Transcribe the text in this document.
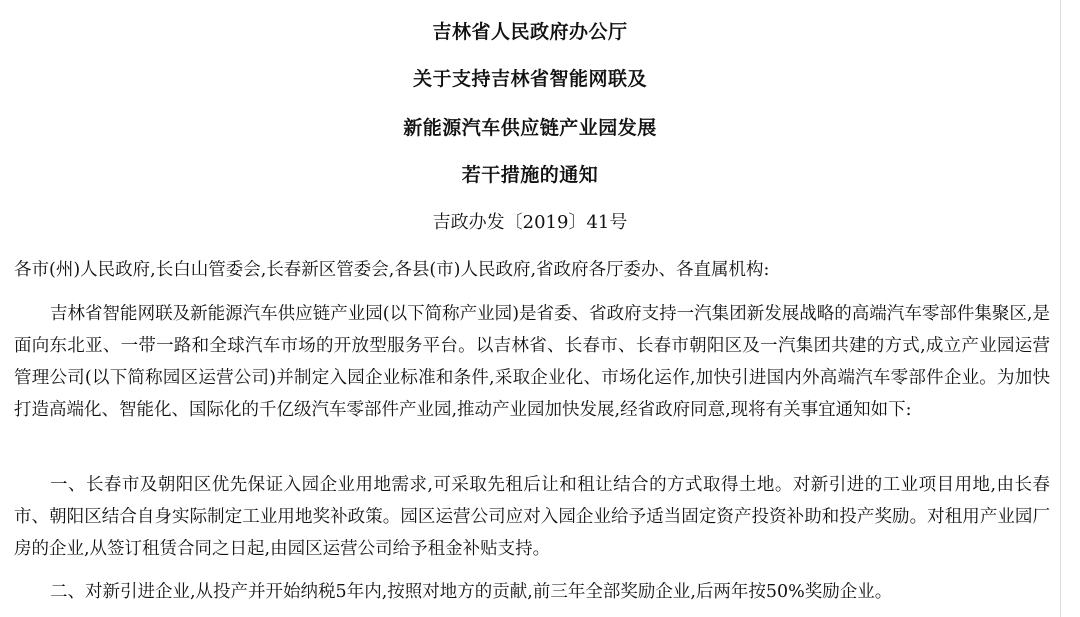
吉林省人民政府办公厅
关于支持吉林省智能网联及
新能源汽车供应链产业园发展
若干措施的通知
吉政办发〔2019〕41号
各市(州)人民政府,长白山管委会,长春新区管委会,各县(市)人民政府,省政府各厅委办、各直属机构:
吉林省智能网联及新能源汽车供应链产业园(以下简称产业园)是省委、省政府支持一汽集团新发展战略的高端汽车零部件集聚区,是面向东北亚、一带一路和全球汽车市场的开放型服务平台。以吉林省、长春市、长春市朝阳区及一汽集团共建的方式,成立产业园运营管理公司(以下简称园区运营公司)并制定入园企业标准和条件,采取企业化、市场化运作,加快引进国内外高端汽车零部件企业。为加快打造高端化、智能化、国际化的千亿级汽车零部件产业园,推动产业园加快发展,经省政府同意,现将有关事宜通知如下:
一、长春市及朝阳区优先保证入园企业用地需求,可采取先租后让和租让结合的方式取得土地。对新引进的工业项目用地,由长春市、朝阳区结合自身实际制定工业用地奖补政策。园区运营公司应对入园企业给予适当固定资产投资补助和投产奖励。对租用产业园厂房的企业,从签订租赁合同之日起,由园区运营公司给予租金补贴支持。
二、对新引进企业,从投产并开始纳税5年内,按照对地方的贡献,前三年全部奖励企业,后两年按50%奖励企业。
